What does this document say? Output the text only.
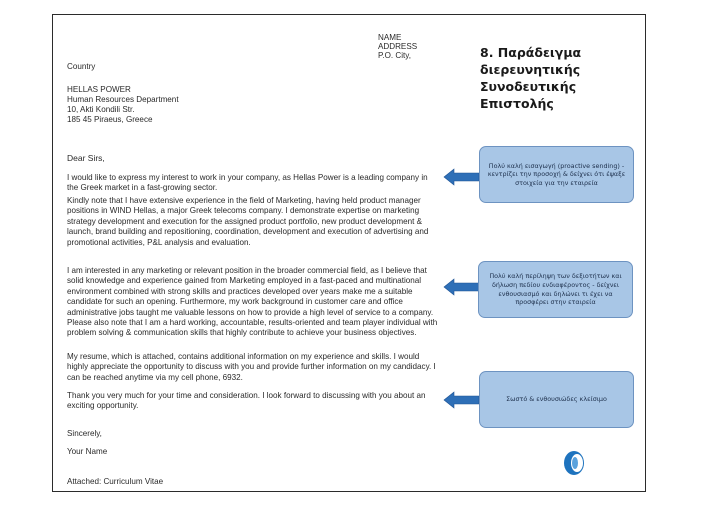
NAME
ADDRESS
P.O. City,

Country

HELLAS POWER

Human Resources Department

10, Akti Kondili Str.

185 45 Piraeus, Greece

Dear Sirs,

I would like to express my interest to work in your company, as Hellas Power is a leading company in the Greek market in a fast-growing sector.

Kindly note that I have extensive experience in the field of Marketing, having held product manager positions in WIND Hellas, a major Greek telecoms company. I demonstrate expertise on marketing strategy development and execution for the assigned product portfolio, new product development & launch, brand building and repositioning, coordination, development and execution of advertising and promotional activities, P&L analysis and evaluation.

I am interested in any marketing or relevant position in the broader commercial field, as I believe that solid knowledge and experience gained from Marketing employed in a fast-paced and multinational environment combined with strong skills and practices developed over years make me a suitable candidate for such an opening. Furthermore, my work background in customer care and office administrative jobs taught me valuable lessons on how to provide a high level of service to a company. Please also note that I am a hard working, accountable, results-oriented and team player individual with problem solving & communication skills that highly contribute to achieve your business objectives.

My resume, which is attached, contains additional information on my experience and skills. I would highly appreciate the opportunity to discuss with you and provide further information on my candidacy. I can be reached anytime via my cell phone, 6932.

Thank you very much for your time and consideration. I look forward to discussing with you about an exciting opportunity.

Sincerely,

Your Name

Attached: Curriculum Vitae

8. Παράδειγμα
διερευνητικής
Συνοδευτικής Επιστολής
Πολύ καλή εισαγωγή (proactive sending) - κεντρίζει την προσοχή & δείχνει ότι έψαξε στοιχεία για την εταιρεία
Πολύ καλή περίληψη των δεξιοτήτων και δήλωση πεδίου ενδιαφέροντος - δείχνει ενθουσιασμό και δηλώνει τι έχει να προσφέρει στην εταιρεία
Σωστό & ενθουσιώδες κλείσιμο
